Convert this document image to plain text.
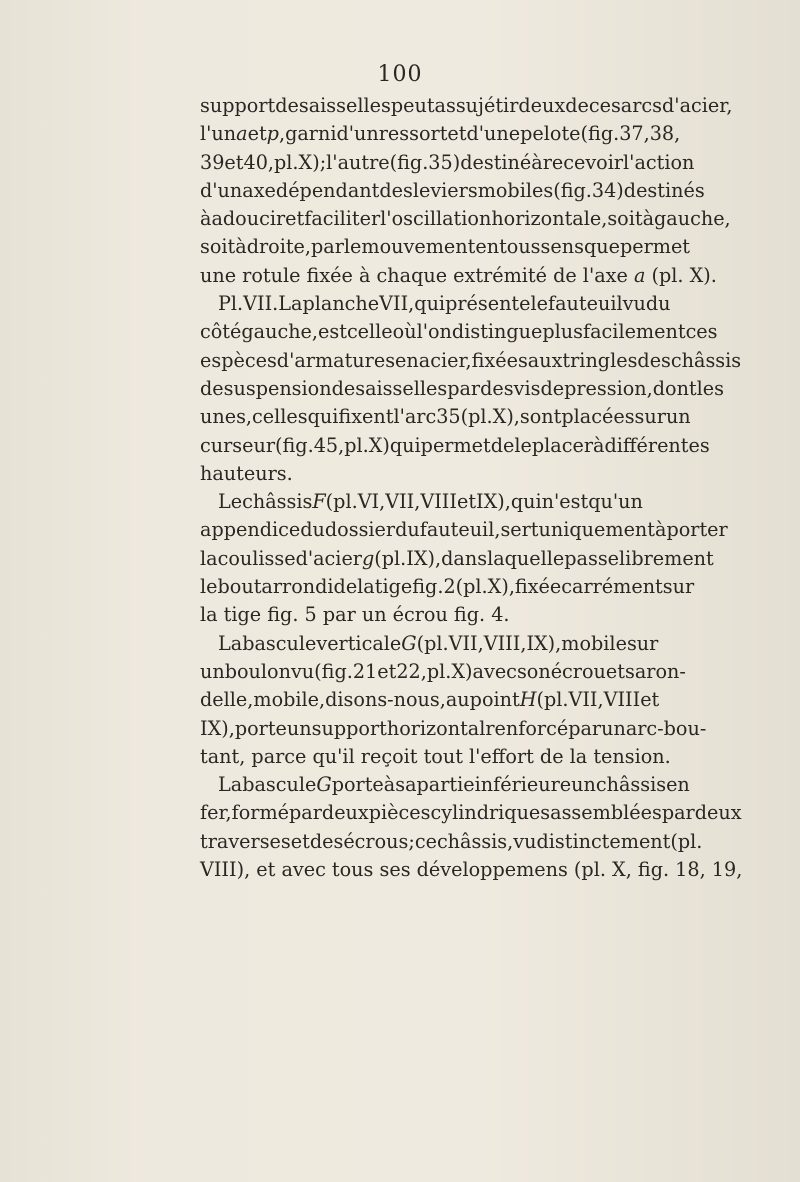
100
support des aisselles peut assujétir deux de ces arcs d'acier,
l'un a et p, garni d'un ressort et d'une pelote (fig. 37, 38,
39 et 40, pl. X) ; l'autre (fig. 35) destiné à recevoir l'action
d'un axe dépendant des leviers mobiles (fig. 34) destinés
à adoucir et faciliter l'oscillation horizontale, soit à gauche,
soit à droite, par le mouvement en tous sens que permet
une rotule fixée à chaque extrémité de l'axe a (pl. X).
Pl. VII. La planche VII, qui présente le fauteuil vu du
côté gauche, est celle où l'on distingue plus facilement ces
espèces d'armatures en acier, fixées aux tringles des châssis
de suspension des aisselles par des vis de pression, dont les
unes, celles qui fixent l'arc 35 (pl. X), sont placées sur un
curseur (fig. 45, pl. X) qui permet de le placer à différentes
hauteurs.
Le châssis F (pl. VI, VII, VIII et IX), qui n'est qu'un
appendice du dossier du fauteuil, sert uniquement à porter
la coulisse d'acier g (pl. IX), dans laquelle passe librement
le bout arrondi de la tige fig. 2 (pl. X), fixée carrément sur
la tige fig. 5 par un écrou fig. 4.
La bascule verticale G (pl. VII, VIII, IX), mobile sur
un boulon vu (fig. 21 et 22, pl. X) avec son écrou et sa ron-
delle, mobile, disons-nous, au point H (pl. VII, VIII et
IX), porte un support horizontal renforcé par un arc-bou-
tant, parce qu'il reçoit tout l'effort de la tension.
La bascule G porte à sa partie inférieure un châssis en
fer, formé par deux pièces cylindriques assemblées par deux
traverses et des écrous ; ce châssis, vu distinctement (pl.
VIII), et avec tous ses développemens (pl. X, fig. 18, 19,
